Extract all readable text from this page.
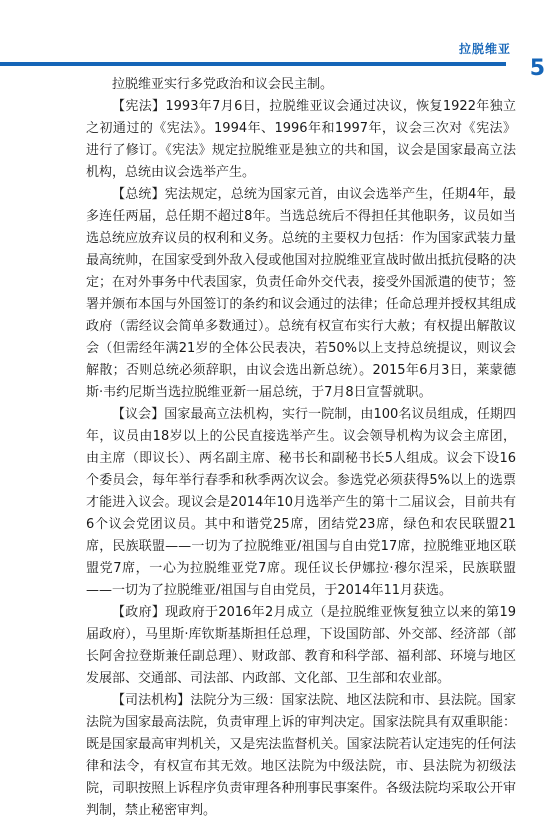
拉脱维亚
5

拉脱维亚实行多党政治和议会民主制。

【宪法】1993年7月6日，拉脱维亚议会通过决议，恢复1922年独立之初通过的《宪法》。1994年、1996年和1997年，议会三次对《宪法》进行了修订。《宪法》规定拉脱维亚是独立的共和国，议会是国家最高立法机构，总统由议会选举产生。

【总统】宪法规定，总统为国家元首，由议会选举产生，任期4年，最多连任两届，总任期不超过8年。当选总统后不得担任其他职务，议员如当选总统应放弃议员的权利和义务。总统的主要权力包括：作为国家武装力量最高统帅，在国家受到外敌入侵或他国对拉脱维亚宣战时做出抵抗侵略的决定；在对外事务中代表国家，负责任命外交代表，接受外国派遣的使节；签署并颁布本国与外国签订的条约和议会通过的法律；任命总理并授权其组成政府（需经议会简单多数通过）。总统有权宣布实行大赦；有权提出解散议会（但需经年满21岁的全体公民表决，若50%以上支持总统提议，则议会解散；否则总统必须辞职，由议会选出新总统）。2015年6月3日，莱蒙德斯·韦约尼斯当选拉脱维亚新一届总统，于7月8日宣誓就职。

【议会】国家最高立法机构，实行一院制，由100名议员组成，任期四年，议员由18岁以上的公民直接选举产生。议会领导机构为议会主席团，由主席（即议长）、两名副主席、秘书长和副秘书长5人组成。议会下设16个委员会，每年举行春季和秋季两次议会。参选党必须获得5%以上的选票才能进入议会。现议会是2014年10月选举产生的第十二届议会，目前共有6个议会党团议员。其中和谐党25席，团结党23席，绿色和农民联盟21席，民族联盟——一切为了拉脱维亚/祖国与自由党17席，拉脱维亚地区联盟党7席，一心为拉脱维亚党7席。现任议长伊娜拉·穆尔涅采，民族联盟——一切为了拉脱维亚/祖国与自由党员，于2014年11月获选。

【政府】现政府于2016年2月成立（是拉脱维亚恢复独立以来的第19届政府），马里斯·库钦斯基斯担任总理，下设国防部、外交部、经济部（部长阿舍拉登斯兼任副总理）、财政部、教育和科学部、福利部、环境与地区发展部、交通部、司法部、内政部、文化部、卫生部和农业部。

【司法机构】法院分为三级：国家法院、地区法院和市、县法院。国家法院为国家最高法院，负责审理上诉的审判决定。国家法院具有双重职能：既是国家最高审判机关，又是宪法监督机关。国家法院若认定违宪的任何法律和法令，有权宣布其无效。地区法院为中级法院，市、县法院为初级法院，司职按照上诉程序负责审理各种刑事民事案件。各级法院均采取公开审判制，禁止秘密审判。
